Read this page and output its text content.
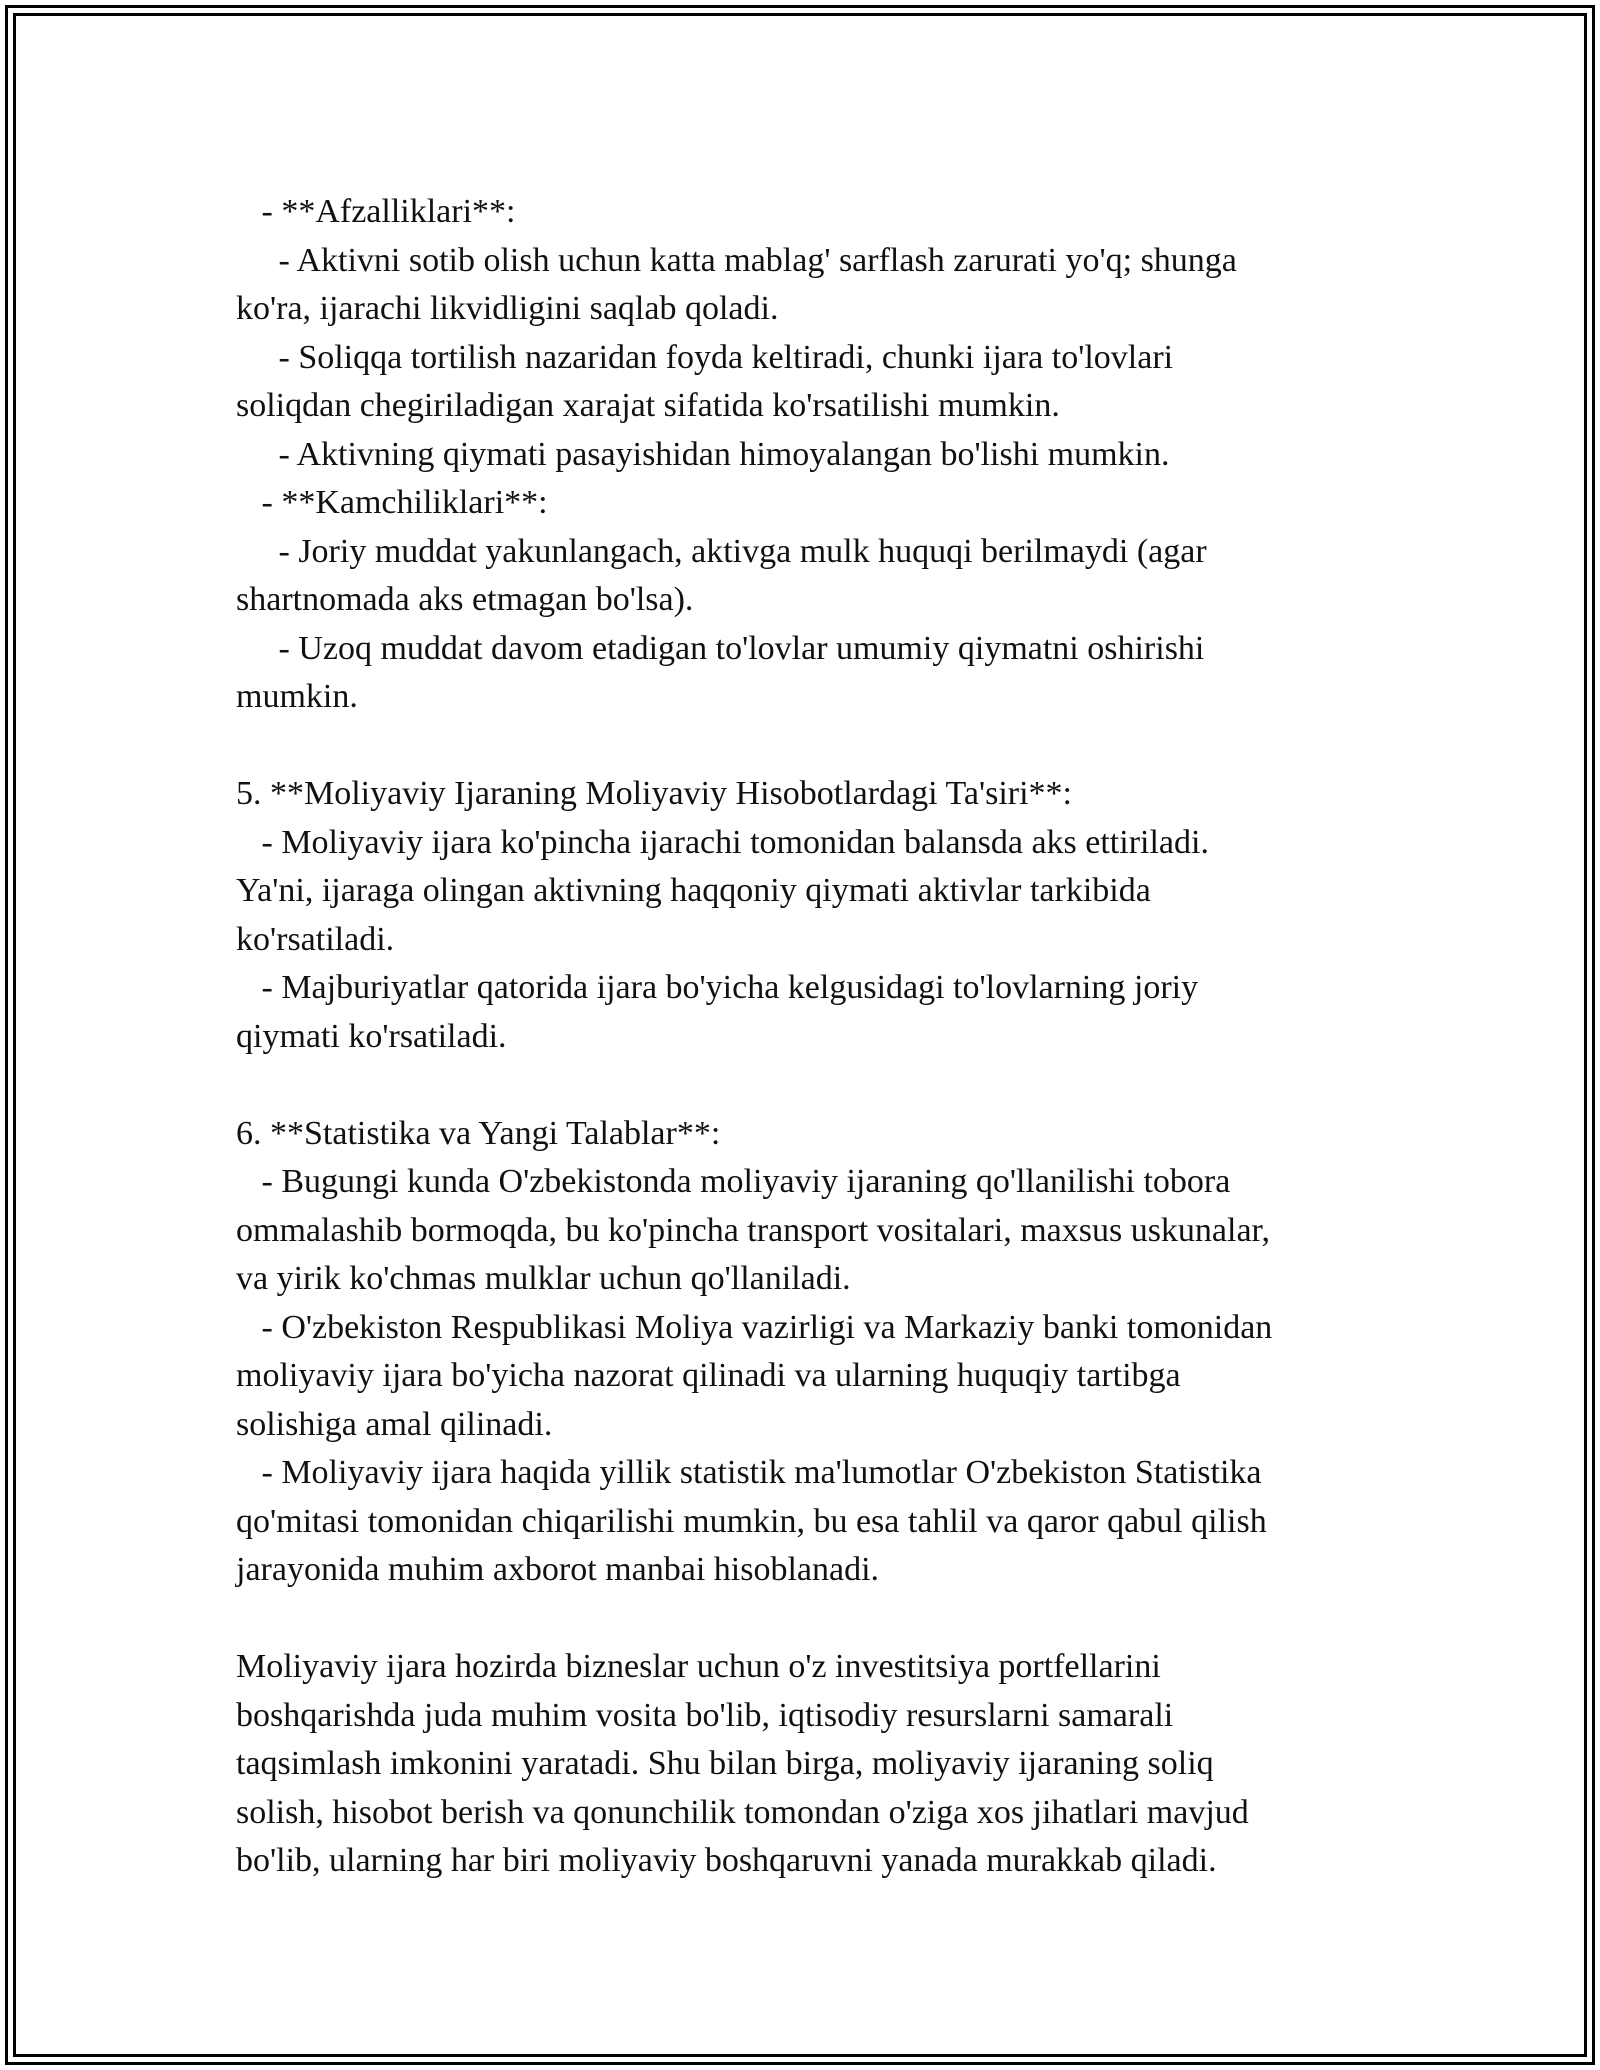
- **Afzalliklari**:
- Aktivni sotib olish uchun katta mablag' sarflash zarurati yo'q; shunga
ko'ra, ijarachi likvidligini saqlab qoladi.
- Soliqqa tortilish nazaridan foyda keltiradi, chunki ijara to'lovlari
soliqdan chegiriladigan xarajat sifatida ko'rsatilishi mumkin.
- Aktivning qiymati pasayishidan himoyalangan bo'lishi mumkin.
- **Kamchiliklari**:
- Joriy muddat yakunlangach, aktivga mulk huquqi berilmaydi (agar
shartnomada aks etmagan bo'lsa).
- Uzoq muddat davom etadigan to'lovlar umumiy qiymatni oshirishi
mumkin.
5. **Moliyaviy Ijaraning Moliyaviy Hisobotlardagi Ta'siri**:
- Moliyaviy ijara ko'pincha ijarachi tomonidan balansda aks ettiriladi.
Ya'ni, ijaraga olingan aktivning haqqoniy qiymati aktivlar tarkibida
ko'rsatiladi.
- Majburiyatlar qatorida ijara bo'yicha kelgusidagi to'lovlarning joriy
qiymati ko'rsatiladi.
6. **Statistika va Yangi Talablar**:
- Bugungi kunda O'zbekistonda moliyaviy ijaraning qo'llanilishi tobora
ommalashib bormoqda, bu ko'pincha transport vositalari, maxsus uskunalar,
va yirik ko'chmas mulklar uchun qo'llaniladi.
- O'zbekiston Respublikasi Moliya vazirligi va Markaziy banki tomonidan
moliyaviy ijara bo'yicha nazorat qilinadi va ularning huquqiy tartibga
solishiga amal qilinadi.
- Moliyaviy ijara haqida yillik statistik ma'lumotlar O'zbekiston Statistika
qo'mitasi tomonidan chiqarilishi mumkin, bu esa tahlil va qaror qabul qilish
jarayonida muhim axborot manbai hisoblanadi.
Moliyaviy ijara hozirda bizneslar uchun o'z investitsiya portfellarini
boshqarishda juda muhim vosita bo'lib, iqtisodiy resurslarni samarali
taqsimlash imkonini yaratadi. Shu bilan birga, moliyaviy ijaraning soliq
solish, hisobot berish va qonunchilik tomondan o'ziga xos jihatlari mavjud
bo'lib, ularning har biri moliyaviy boshqaruvni yanada murakkab qiladi.
